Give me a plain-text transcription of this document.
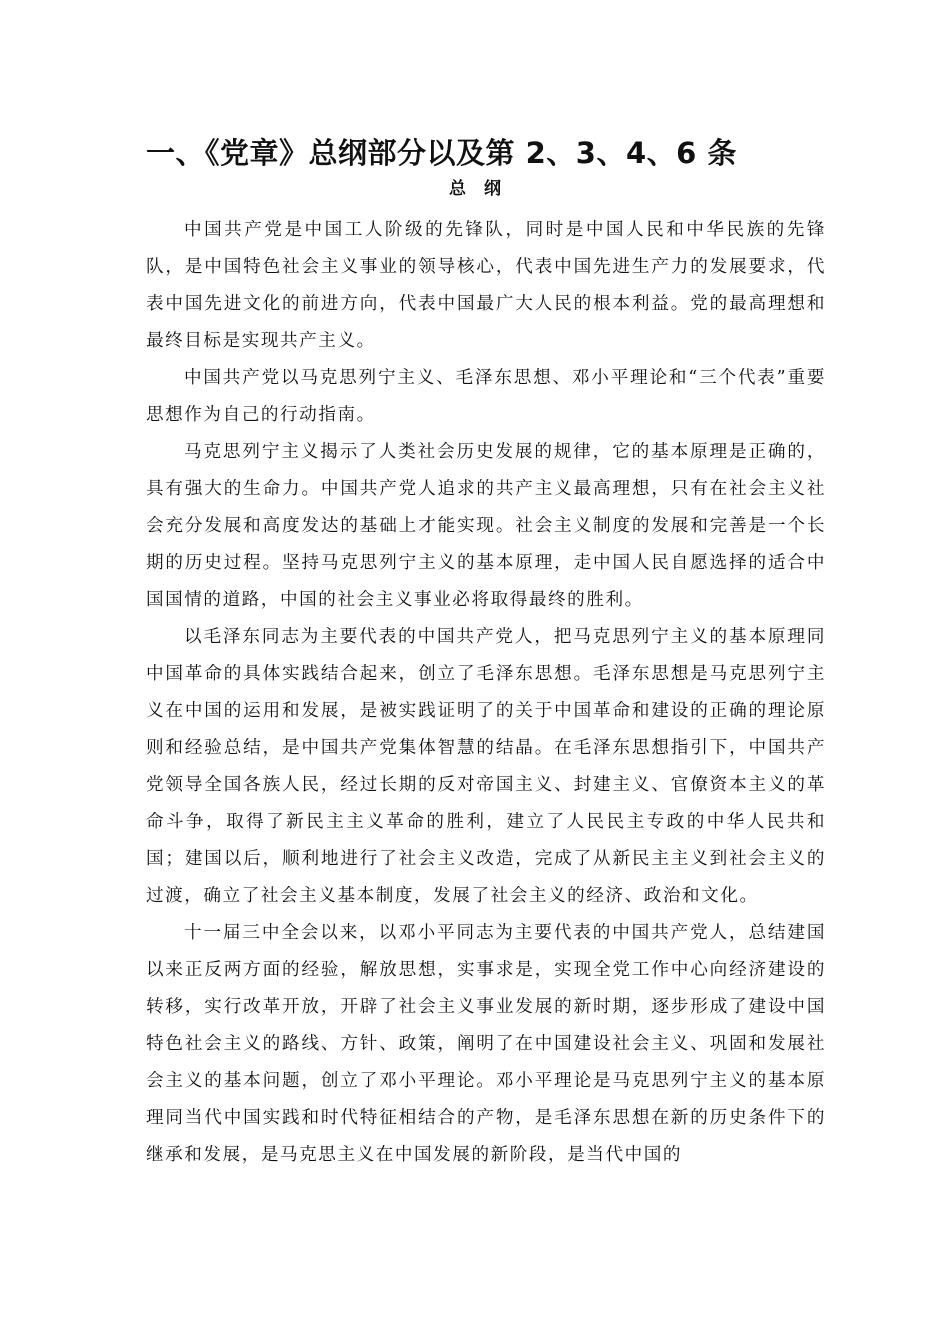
一、《党章》总纲部分以及第 2、3、4、6 条
总纲

中国共产党是中国工人阶级的先锋队，同时是中国人民和中华民族的先锋队，是中国特色社会主义事业的领导核心，代表中国先进生产力的发展要求，代表中国先进文化的前进方向，代表中国最广大人民的根本利益。党的最高理想和最终目标是实现共产主义。

中国共产党以马克思列宁主义、毛泽东思想、邓小平理论和“三个代表”重要思想作为自己的行动指南。

马克思列宁主义揭示了人类社会历史发展的规律，它的基本原理是正确的，具有强大的生命力。中国共产党人追求的共产主义最高理想，只有在社会主义社会充分发展和高度发达的基础上才能实现。社会主义制度的发展和完善是一个长期的历史过程。坚持马克思列宁主义的基本原理，走中国人民自愿选择的适合中国国情的道路，中国的社会主义事业必将取得最终的胜利。

以毛泽东同志为主要代表的中国共产党人，把马克思列宁主义的基本原理同中国革命的具体实践结合起来，创立了毛泽东思想。毛泽东思想是马克思列宁主义在中国的运用和发展，是被实践证明了的关于中国革命和建设的正确的理论原则和经验总结，是中国共产党集体智慧的结晶。在毛泽东思想指引下，中国共产党领导全国各族人民，经过长期的反对帝国主义、封建主义、官僚资本主义的革命斗争，取得了新民主主义革命的胜利，建立了人民民主专政的中华人民共和国；建国以后，顺利地进行了社会主义改造，完成了从新民主主义到社会主义的过渡，确立了社会主义基本制度，发展了社会主义的经济、政治和文化。

十一届三中全会以来，以邓小平同志为主要代表的中国共产党人，总结建国以来正反两方面的经验，解放思想，实事求是，实现全党工作中心向经济建设的转移，实行改革开放，开辟了社会主义事业发展的新时期，逐步形成了建设中国特色社会主义的路线、方针、政策，阐明了在中国建设社会主义、巩固和发展社会主义的基本问题，创立了邓小平理论。邓小平理论是马克思列宁主义的基本原理同当代中国实践和时代特征相结合的产物，是毛泽东思想在新的历史条件下的继承和发展，是马克思主义在中国发展的新阶段，是当代中国的
